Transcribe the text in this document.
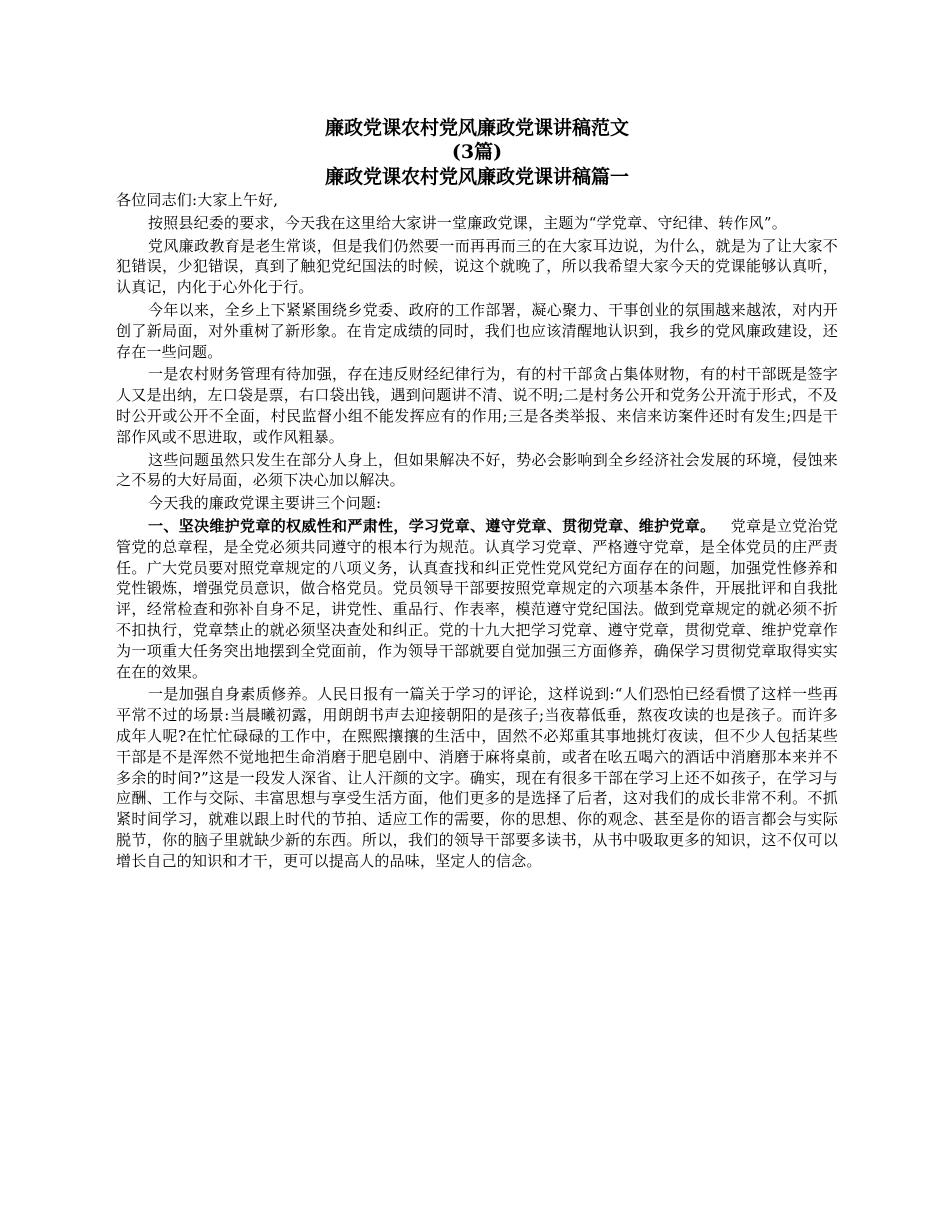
廉政党课农村党风廉政党课讲稿范文

(3篇)

廉政党课农村党风廉政党课讲稿篇一

各位同志们:大家上午好,

按照县纪委的要求，今天我在这里给大家讲一堂廉政党课，主题为“学党章、守纪律、转作风”。

党风廉政教育是老生常谈，但是我们仍然要一而再再而三的在大家耳边说，为什么，就是为了让大家不犯错误，少犯错误，真到了触犯党纪国法的时候，说这个就晚了，所以我希望大家今天的党课能够认真听，认真记，内化于心外化于行。

今年以来，全乡上下紧紧围绕乡党委、政府的工作部署，凝心聚力、干事创业的氛围越来越浓，对内开创了新局面，对外重树了新形象。在肯定成绩的同时，我们也应该清醒地认识到，我乡的党风廉政建设，还存在一些问题。

一是农村财务管理有待加强，存在违反财经纪律行为，有的村干部贪占集体财物，有的村干部既是签字人又是出纳，左口袋是票，右口袋出钱，遇到问题讲不清、说不明;二是村务公开和党务公开流于形式，不及时公开或公开不全面，村民监督小组不能发挥应有的作用;三是各类举报、来信来访案件还时有发生;四是干部作风或不思进取，或作风粗暴。

这些问题虽然只发生在部分人身上，但如果解决不好，势必会影响到全乡经济社会发展的环境，侵蚀来之不易的大好局面，必须下决心加以解决。

今天我的廉政党课主要讲三个问题:

一、坚决维护党章的权威性和严肃性，学习党章、遵守党章、贯彻党章、维护党章。 党章是立党治党管党的总章程，是全党必须共同遵守的根本行为规范。认真学习党章、严格遵守党章，是全体党员的庄严责任。广大党员要对照党章规定的八项义务，认真查找和纠正党性党风党纪方面存在的问题，加强党性修养和党性锻炼，增强党员意识，做合格党员。党员领导干部要按照党章规定的六项基本条件，开展批评和自我批评，经常检查和弥补自身不足，讲党性、重品行、作表率，模范遵守党纪国法。做到党章规定的就必须不折不扣执行，党章禁止的就必须坚决查处和纠正。党的十九大把学习党章、遵守党章，贯彻党章、维护党章作为一项重大任务突出地摆到全党面前，作为领导干部就要自觉加强三方面修养，确保学习贯彻党章取得实实在在的效果。

一是加强自身素质修养。人民日报有一篇关于学习的评论，这样说到:“人们恐怕已经看惯了这样一些再平常不过的场景:当晨曦初露，用朗朗书声去迎接朝阳的是孩子;当夜幕低垂，熬夜攻读的也是孩子。而许多成年人呢?在忙忙碌碌的工作中，在熙熙攘攘的生活中，固然不必郑重其事地挑灯夜读，但不少人包括某些干部是不是浑然不觉地把生命消磨于肥皂剧中、消磨于麻将桌前，或者在吆五喝六的酒话中消磨那本来并不多余的时间?”这是一段发人深省、让人汗颜的文字。确实，现在有很多干部在学习上还不如孩子，在学习与应酬、工作与交际、丰富思想与享受生活方面，他们更多的是选择了后者，这对我们的成长非常不利。不抓紧时间学习，就难以跟上时代的节拍、适应工作的需要，你的思想、你的观念、甚至是你的语言都会与实际脱节，你的脑子里就缺少新的东西。所以，我们的领导干部要多读书，从书中吸取更多的知识，这不仅可以增长自己的知识和才干，更可以提高人的品味，坚定人的信念。
